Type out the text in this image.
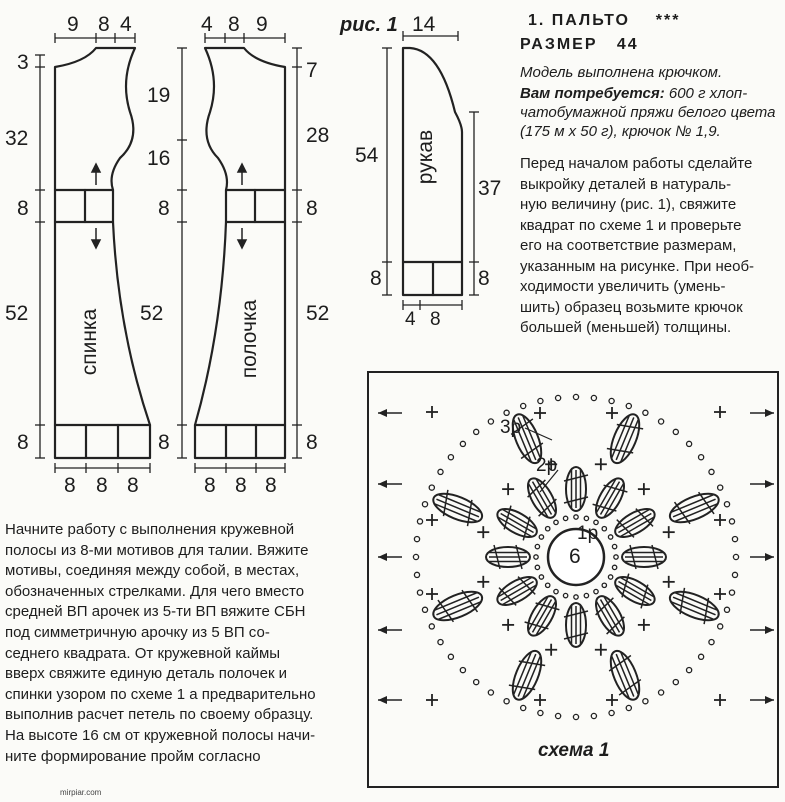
рис. 1
9 8 4	4 8 9	14
3
32
8
52
8
19
16
8
52
8
7
28
8
52
8
8 8 8	8 8 8
54
37
8	8
4 8
спинка	полочка
рукав
1. ПАЛЬТО ***
РАЗМЕР 44
Модель выполнена крючком.
Вам потребуется: 600 г хлоп-
чатобумажной пряжи белого цвета
(175 м х 50 г), крючок № 1,9.
Перед началом работы сделайте
выкройку деталей в натураль-
ную величину (рис. 1), свяжите
квадрат по схеме 1 и проверьте
его на соответствие размерам,
указанным на рисунке. При необ-
ходимости увеличить (умень-
шить) образец возьмите крючок
большей (меньшей) толщины.
Начните работу с выполнения кружевной
полосы из 8-ми мотивов для талии. Вяжите
мотивы, соединяя между собой, в местах,
обозначенных стрелками. Для чего вместо
средней ВП арочек из 5-ти ВП вяжите СБН
под симметричную арочку из 5 ВП со-
седнего квадрата. От кружевной каймы
вверх свяжите единую деталь полочек и
спинки узором по схеме 1 а предварительно
выполнив расчет петель по своему образцу.
На высоте 16 см от кружевной полосы начи-
ните формирование пройм согласно
6
3р
2р
1р
схема 1
mirpiar.com
